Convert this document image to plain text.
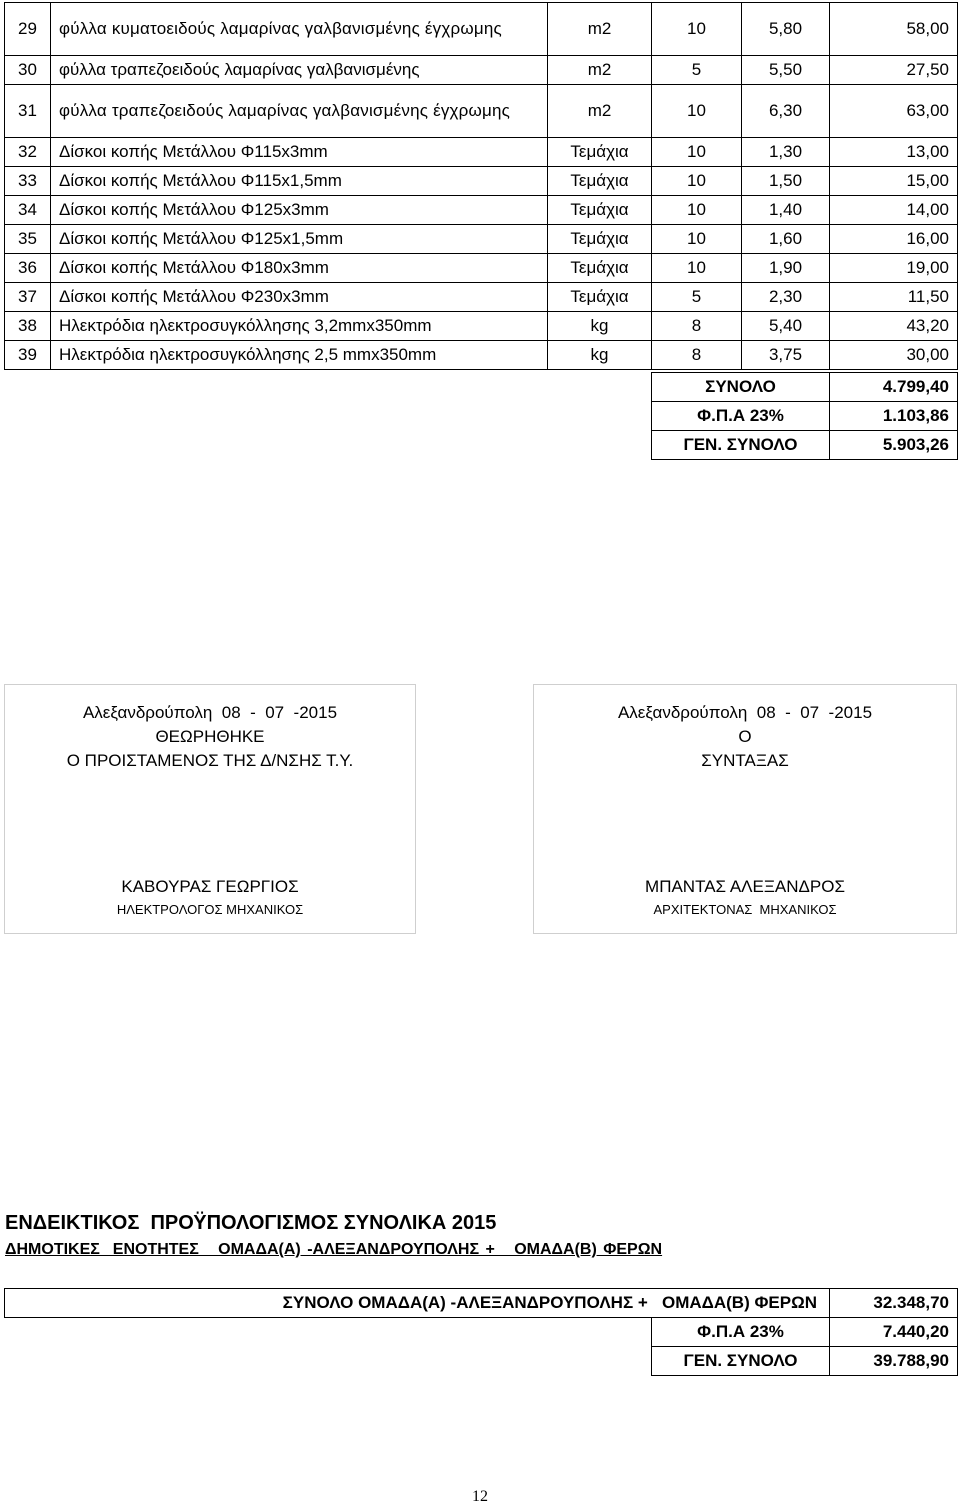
29	φύλλα κυματοειδούς λαμαρίνας γαλβανισμένης έγχρωμης	m2	10	5,80	58,00
30	φύλλα τραπεζοειδούς λαμαρίνας γαλβανισμένης	m2	5	5,50	27,50
31	φύλλα τραπεζοειδούς λαμαρίνας γαλβανισμένης έγχρωμης	m2	10	6,30	63,00
32	Δίσκοι κοπής Μετάλλου Φ115x3mm	Τεμάχια	10	1,30	13,00
33	Δίσκοι κοπής Μετάλλου Φ115x1,5mm	Τεμάχια	10	1,50	15,00
34	Δίσκοι κοπής Μετάλλου Φ125x3mm	Τεμάχια	10	1,40	14,00
35	Δίσκοι κοπής Μετάλλου Φ125x1,5mm	Τεμάχια	10	1,60	16,00
36	Δίσκοι κοπής Μετάλλου Φ180x3mm	Τεμάχια	10	1,90	19,00
37	Δίσκοι κοπής Μετάλλου Φ230x3mm	Τεμάχια	5	2,30	11,50
38	Ηλεκτρόδια ηλεκτροσυγκόλλησης 3,2mmx350mm	kg	8	5,40	43,20
39	Ηλεκτρόδια ηλεκτροσυγκόλλησης 2,5 mmx350mm	kg	8	3,75	30,00
ΣΥΝΟΛΟ	4.799,40
Φ.Π.Α 23%	1.103,86
ΓΕΝ. ΣΥΝΟΛΟ	5.903,26
Αλεξανδρούπολη  08  -  07  -2015
ΘΕΩΡΗΘΗΚΕ
Ο ΠΡΟΙΣΤΑΜΕΝΟΣ ΤΗΣ Δ/ΝΣΗΣ Τ.Υ.
ΚΑΒΟΥΡΑΣ ΓΕΩΡΓΙΟΣ
ΗΛΕΚΤΡΟΛΟΓΟΣ ΜΗΧΑΝΙΚΟΣ
Αλεξανδρούπολη  08  -  07  -2015
Ο
ΣΥΝΤΑΞΑΣ
ΜΠΑΝΤΑΣ ΑΛΕΞΑΝΔΡΟΣ
ΑΡΧΙΤΕΚΤΟΝΑΣ  ΜΗΧΑΝΙΚΟΣ
ΕΝΔΕΙΚΤΙΚΟΣ  ΠΡΟΫΠΟΛΟΓΙΣΜΟΣ ΣΥΝΟΛΙΚΑ 2015
ΔΗΜΟΤΙΚΕΣ  ΕΝΟΤΗΤΕΣ   ΟΜΑΔΑ(Α) -ΑΛΕΞΑΝΔΡΟΥΠΟΛΗΣ +   ΟΜΑΔΑ(Β) ΦΕΡΩΝ
ΣΥΝΟΛΟ ΟΜΑΔΑ(Α) -ΑΛΕΞΑΝΔΡΟΥΠΟΛΗΣ +   ΟΜΑΔΑ(Β) ΦΕΡΩΝ		32.348,70
	Φ.Π.Α 23%	7.440,20
	ΓΕΝ. ΣΥΝΟΛΟ	39.788,90
12
